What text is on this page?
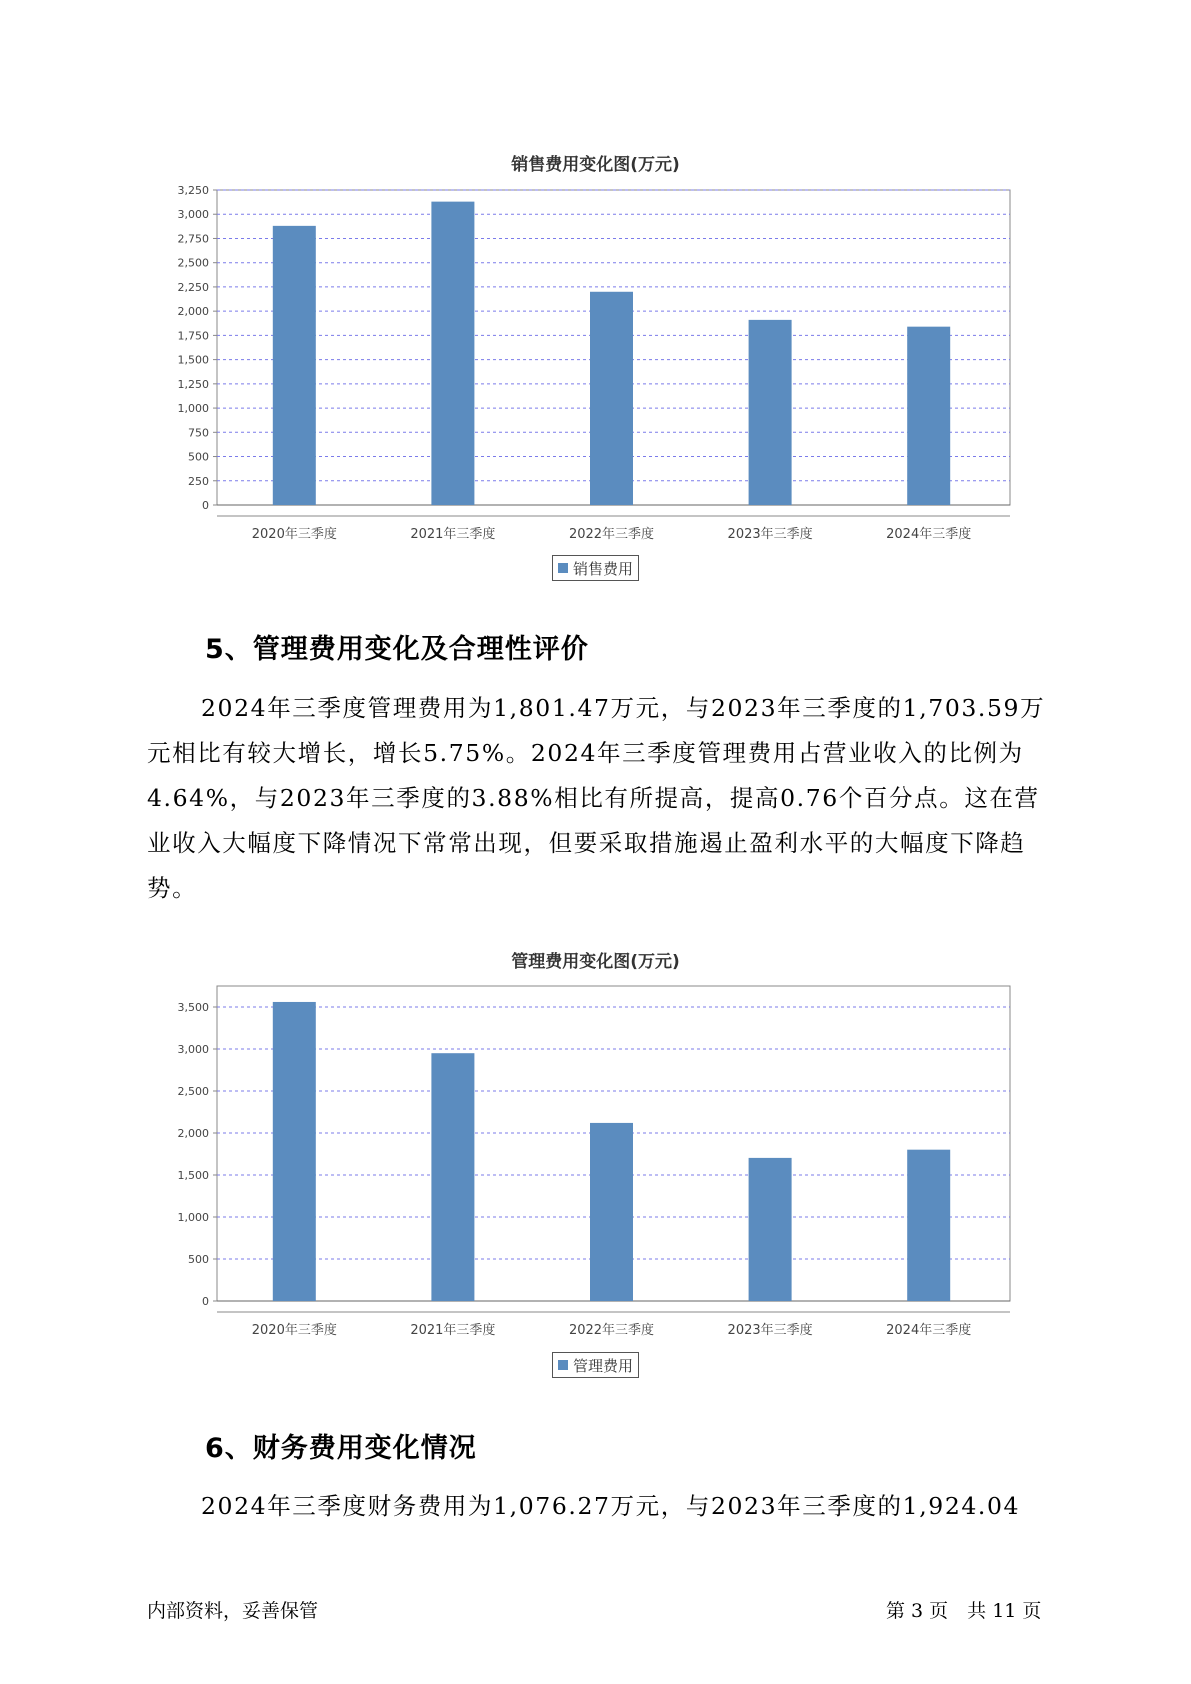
销售费用变化图(万元)
0
250
500
750
1,000
1,250
1,500
1,750
2,000
2,250
2,500
2,750
3,000
3,250
2020年三季度	2021年三季度	2022年三季度	2023年三季度	2024年三季度
销售费用
5、管理费用变化及合理性评价

2024年三季度管理费用为1,801.47万元，与2023年三季度的1,703.59万元相比有较大增长，增长5.75%。2024年三季度管理费用占营业收入的比例为4.64%，与2023年三季度的3.88%相比有所提高，提高0.76个百分点。这在营业收入大幅度下降情况下常常出现，但要采取措施遏止盈利水平的大幅度下降趋势。

管理费用变化图(万元)
0
500
1,000
1,500
2,000
2,500
3,000
3,500
2020年三季度	2021年三季度	2022年三季度	2023年三季度	2024年三季度
管理费用
6、财务费用变化情况

2024年三季度财务费用为1,076.27万元，与2023年三季度的1,924.04

内部资料，妥善保管	第 3 页　共 11 页
